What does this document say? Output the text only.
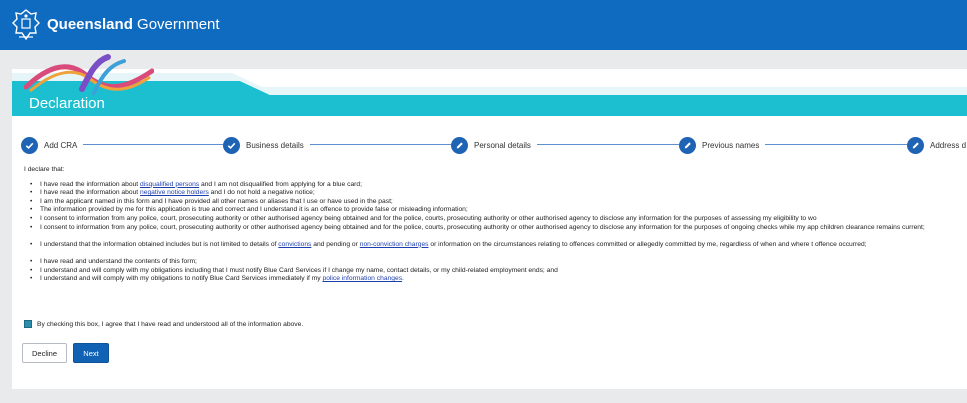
Queensland Government
Declaration
Add CRA	Business details	Personal details	Previous names	Address d
I declare that:
• I have read the information about disqualified persons and I am not disqualified from applying for a blue card;
• I have read the information about negative notice holders and I do not hold a negative notice;
• I am the applicant named in this form and I have provided all other names or aliases that I use or have used in the past;
• The information provided by me for this application is true and correct and I understand it is an offence to provide false or misleading information;
• I consent to information from any police, court, prosecuting authority or other authorised agency being obtained and for the police, courts, prosecuting authority or other authorised agency to disclose any information for the purposes of assessing my eligibility to wo
• I consent to information from any police, court, prosecuting authority or other authorised agency being obtained and for the police, courts, prosecuting authority or other authorised agency to disclose any information for the purposes of ongoing checks while my app children clearance remains current;
• I understand that the information obtained includes but is not limited to details of convictions and pending or non-conviction charges or information on the circumstances relating to offences committed or allegedly committed by me, regardless of when and where t offence occurred;
• I have read and understand the contents of this form;
• I understand and will comply with my obligations including that I must notify Blue Card Services if I change my name, contact details, or my child-related employment ends; and
• I understand and will comply with my obligations to notify Blue Card Services immediately if my police information changes.
By checking this box, I agree that I have read and understood all of the information above.
Decline	Next
